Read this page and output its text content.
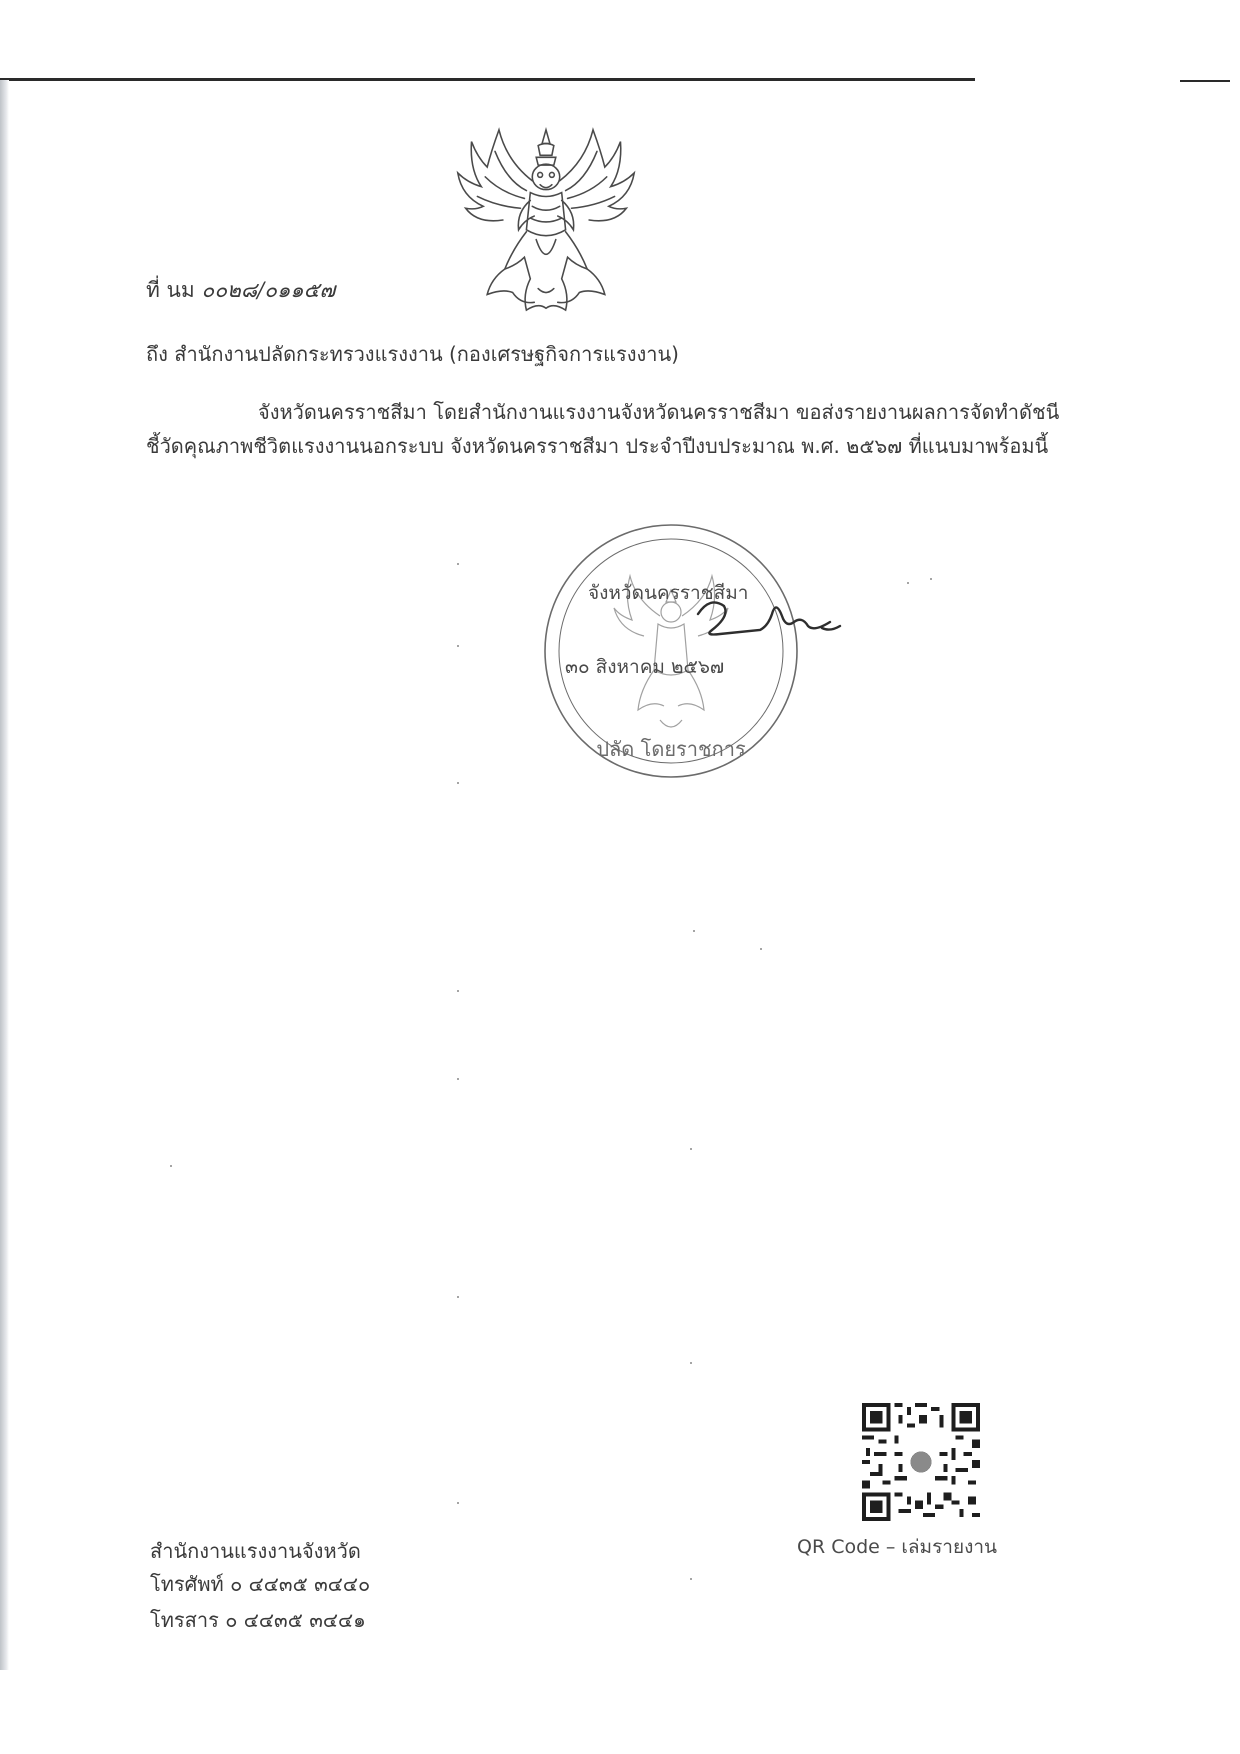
ที่ นม ๐๐๒๘/๐๑๑๕๗
ถึง สำนักงานปลัดกระทรวงแรงงาน (กองเศรษฐกิจการแรงงาน)
จังหวัดนครราชสีมา โดยสำนักงานแรงงานจังหวัดนครราชสีมา ขอส่งรายงานผลการจัดทำดัชนี
ชี้วัดคุณภาพชีวิตแรงงานนอกระบบ จังหวัดนครราชสีมา ประจำปีงบประมาณ พ.ศ. ๒๕๖๗ ที่แนบมาพร้อมนี้
ปลัด โดยราชการ
จังหวัดนครราชสีมา
๓๐ สิงหาคม ๒๕๖๗
QR Code – เล่มรายงาน
สำนักงานแรงงานจังหวัด
โทรศัพท์ ๐ ๔๔๓๕ ๓๔๔๐
โทรสาร ๐ ๔๔๓๕ ๓๔๔๑
